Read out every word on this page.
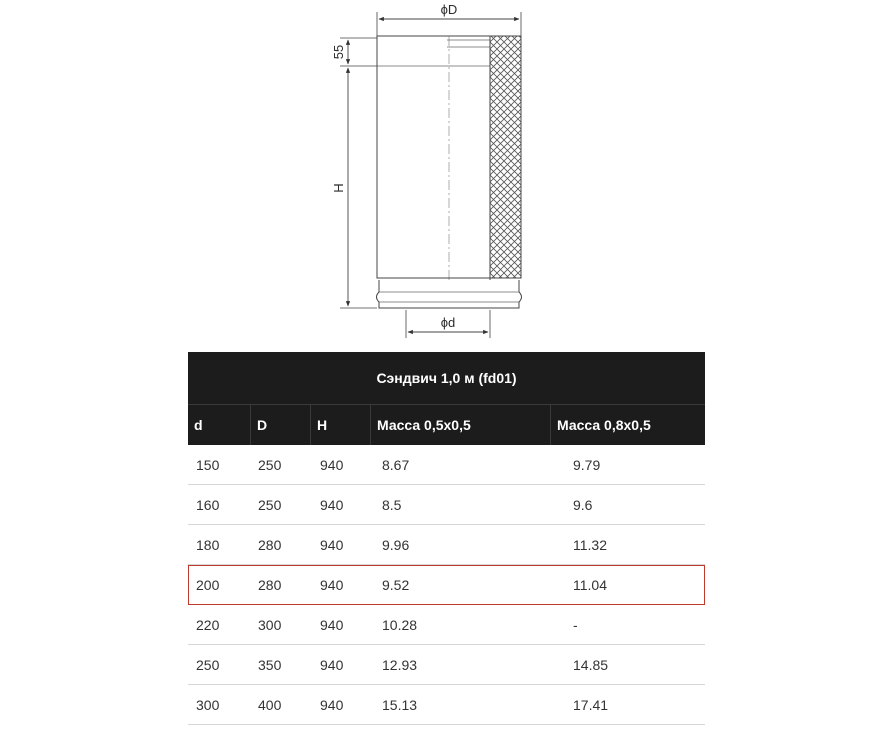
ϕD
55
H
ϕd
Сэндвич 1,0 м (fd01)
d	D	H	Масса 0,5х0,5	Масса 0,8х0,5
150	250	940	8.67	9.79
160	250	940	8.5	9.6
180	280	940	9.96	11.32
200	280	940	9.52	11.04
220	300	940	10.28	-
250	350	940	12.93	14.85
300	400	940	15.13	17.41
